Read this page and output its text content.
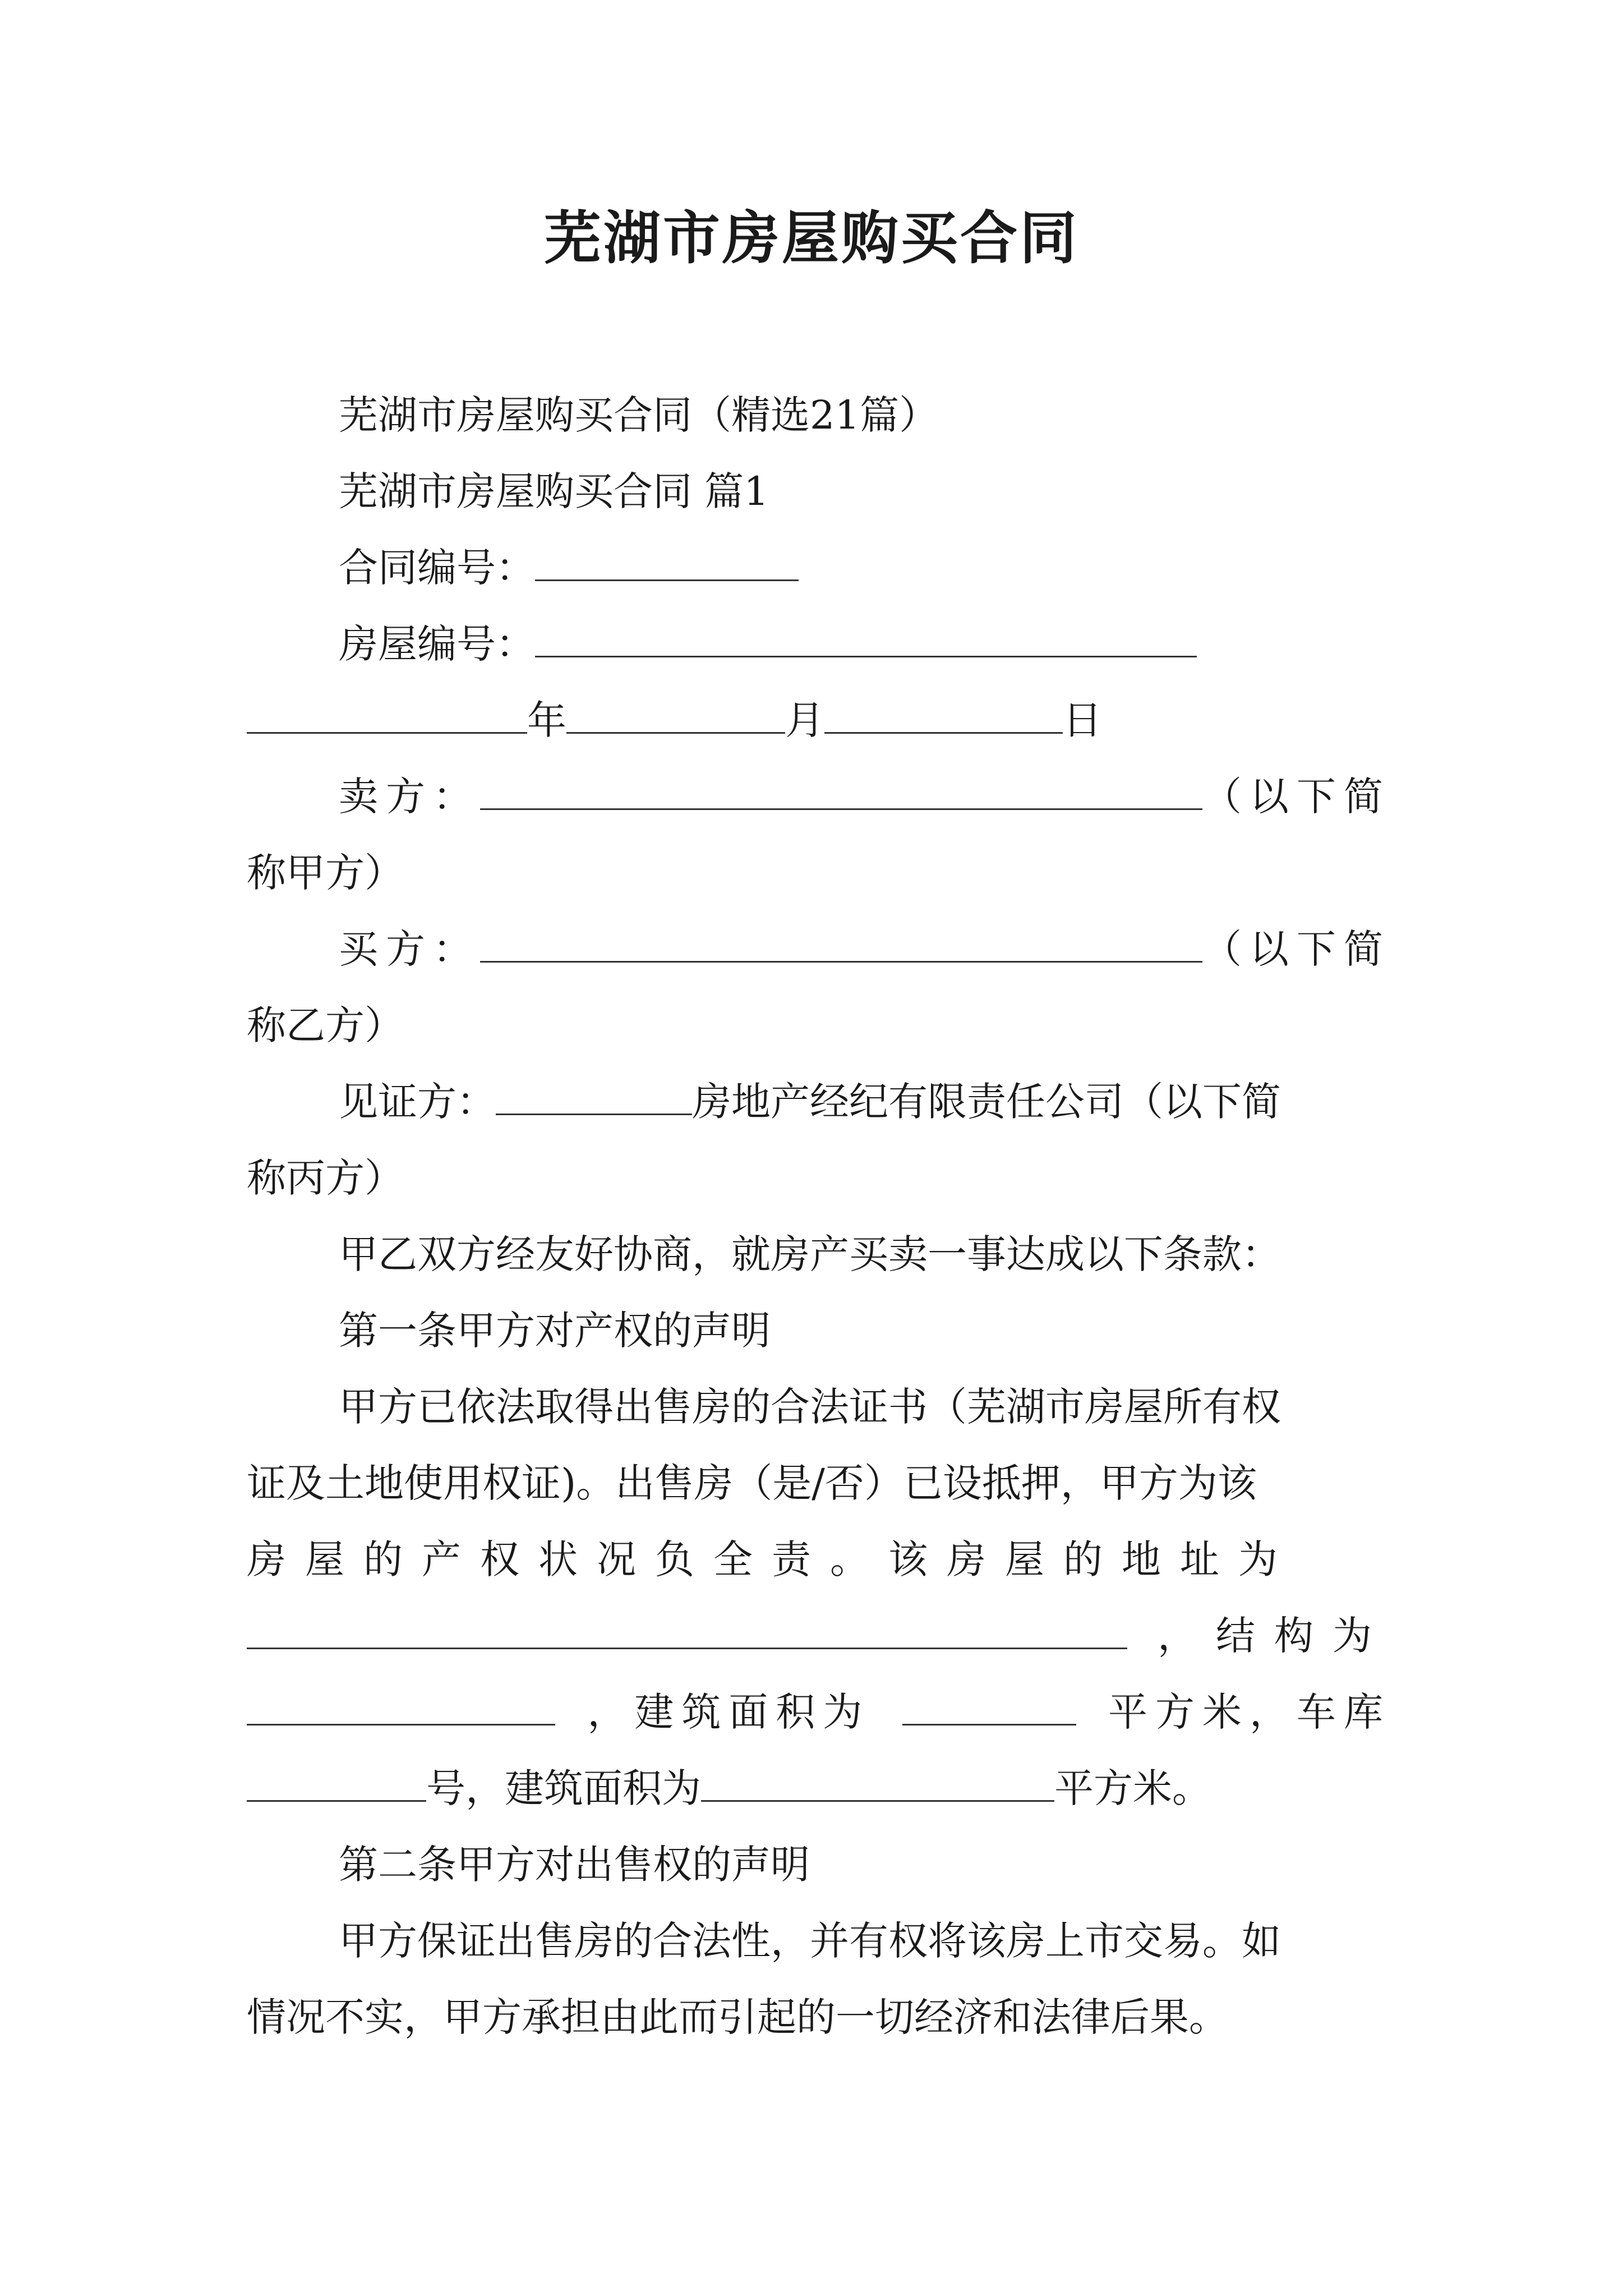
芜湖市房屋购买合同
芜湖市房屋购买合同（精选21篇）
芜湖市房屋购买合同 篇1
合同编号：
房屋编号：
年	月	日
卖方：	（以下简
称甲方）
买方：	（以下简
称乙方）
见证方：	房地产经纪有限责任公司（以下简
称丙方）
甲乙双方经友好协商，就房产买卖一事达成以下条款：
第一条甲方对产权的声明
甲方已依法取得出售房的合法证书（芜湖市房屋所有权
证及土地使用权证)。出售房（是/否）已设抵押，甲方为该
房屋的产权状况负全责。该房屋的地址为
，结构为
，建筑面积为	平方米，车库
号，建筑面积为	平方米。
第二条甲方对出售权的声明
甲方保证出售房的合法性，并有权将该房上市交易。如
情况不实，甲方承担由此而引起的一切经济和法律后果。
